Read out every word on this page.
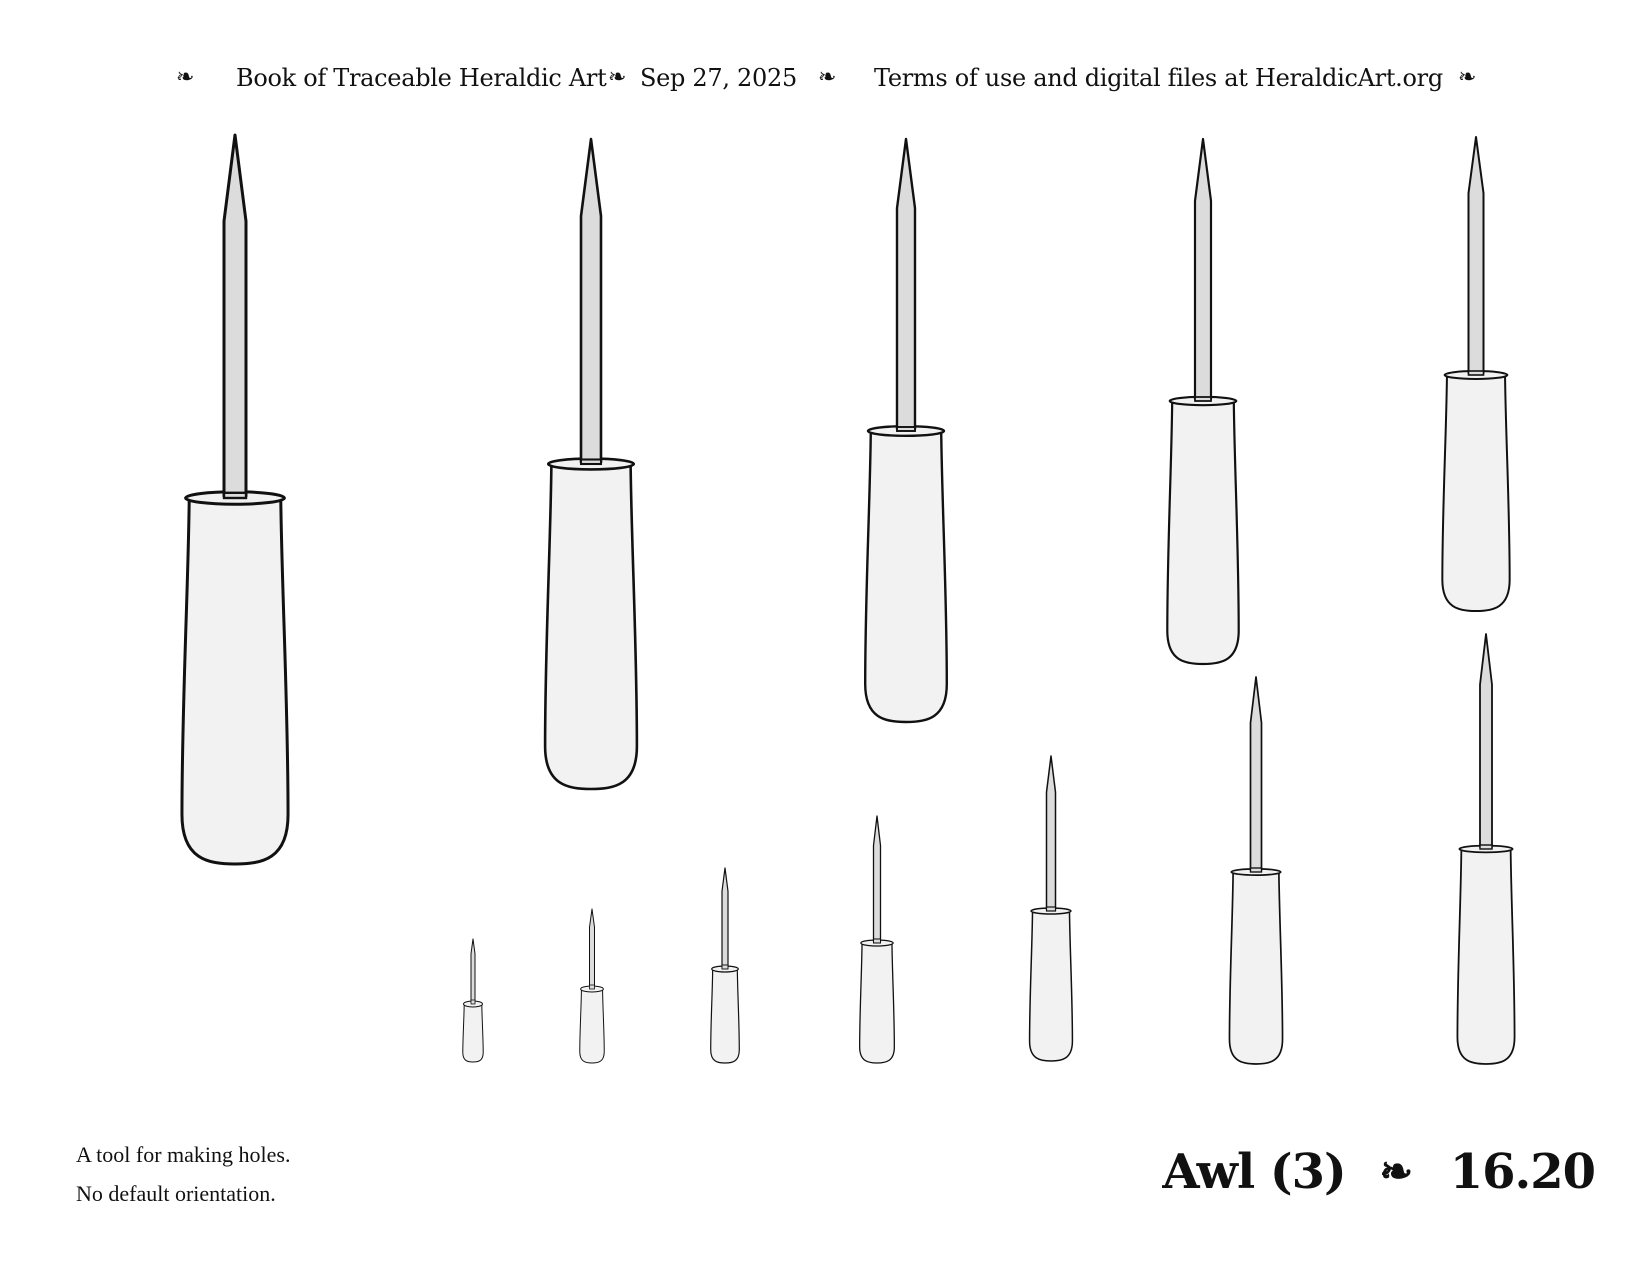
❧ Book of Traceable Heraldic Art ❧ Sep 27, 2025 ❧ Terms of use and digital files at HeraldicArt.org ❧
A tool for making holes.
No default orientation.	Awl (3) ❧ 16.20
